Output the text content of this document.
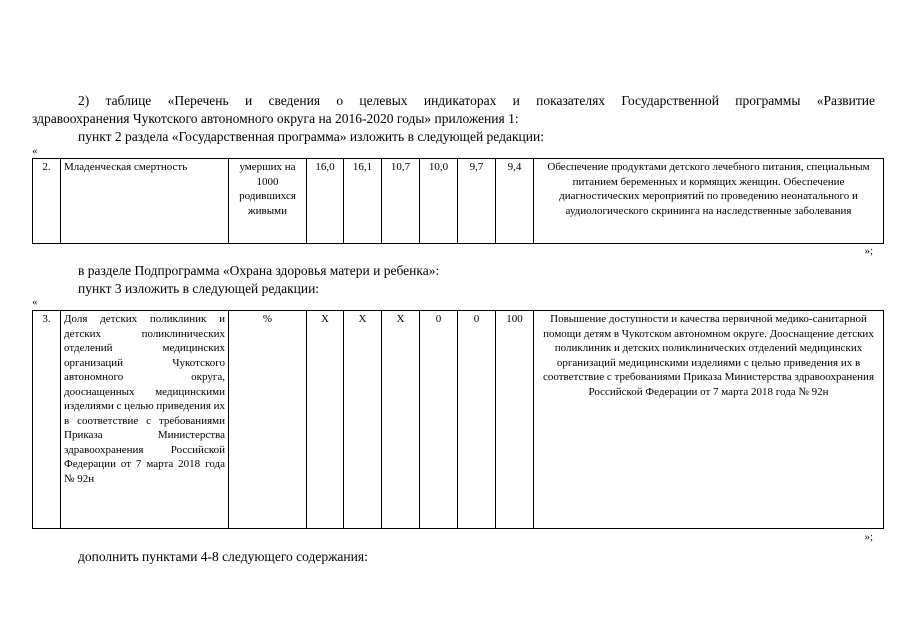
2) таблице «Перечень и сведения о целевых индикаторах и показателях Государственной программы «Развитие
здравоохранения Чукотского автономного округа на 2016-2020 годы» приложения 1:
пункт 2 раздела «Государственная программа» изложить в следующей редакции:
«
2.	Младенческая смертность	умерших на 1000 родившихся живыми	16,0	16,1	10,7	10,0	9,7	9,4	Обеспечение продуктами детского лечебного питания, специальным питанием беременных и кормящих женщин. Обеспечение диагностических мероприятий по проведению неонатального и аудиологического скрининга на наследственные заболевания
»;
в разделе Подпрограмма «Охрана здоровья матери и ребенка»:
пункт 3 изложить в следующей редакции:
«
3.	Доля детских поликлиник и детских поликлинических отделений медицинских организаций Чукотского автономного округа, дооснащенных медицинскими изделиями с целью приведения их в соответствие с требованиями Приказа Министерства здравоохранения Российской Федерации от 7 марта 2018 года № 92н	%	X	X	X	0	0	100	Повышение доступности и качества первичной медико-санитарной помощи детям в Чукотском автономном округе. Дооснащение детских поликлиник и детских поликлинических отделений медицинских организаций медицинскими изделиями с целью приведения их в соответствие с требованиями Приказа Министерства здравоохранения Российской Федерации от 7 марта 2018 года № 92н
»;
дополнить пунктами 4-8 следующего содержания:
